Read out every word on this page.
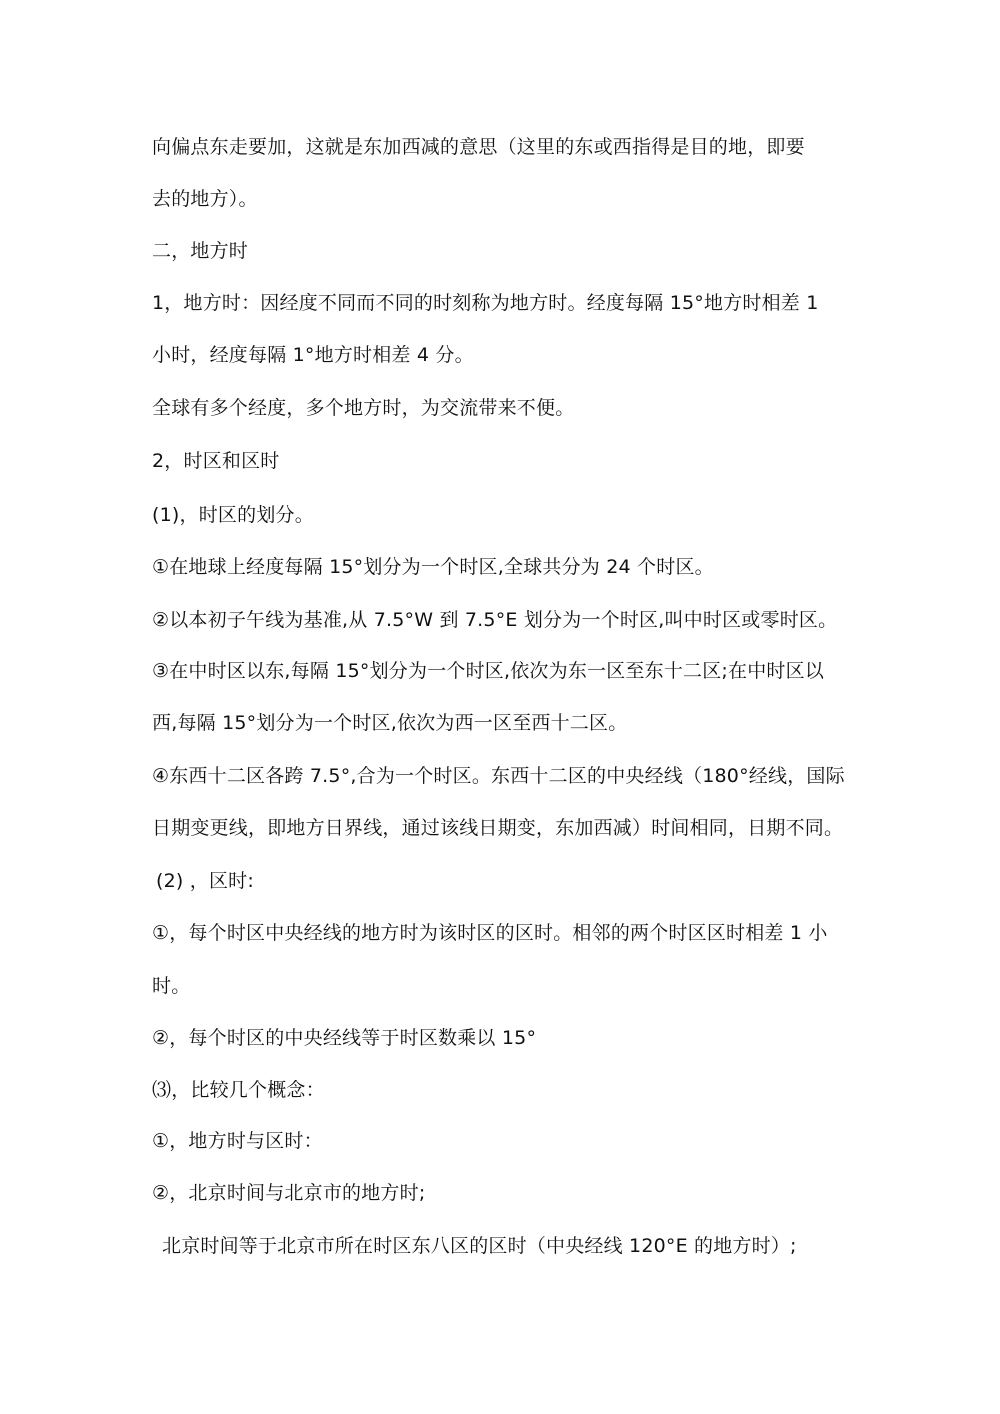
向偏点东走要加，这就是东加西减的意思（这里的东或西指得是目的地，即要
去的地方）。
二，地方时
1，地方时：因经度不同而不同的时刻称为地方时。经度每隔 15°地方时相差 1
小时，经度每隔 1°地方时相差 4 分。
全球有多个经度，多个地方时，为交流带来不便。
2，时区和区时
(1)，时区的划分。
①在地球上经度每隔 15°划分为一个时区,全球共分为 24 个时区。
②以本初子午线为基准,从 7.5°W 到 7.5°E 划分为一个时区,叫中时区或零时区。
③在中时区以东,每隔 15°划分为一个时区,依次为东一区至东十二区;在中时区以
西,每隔 15°划分为一个时区,依次为西一区至西十二区。
④东西十二区各跨 7.5°,合为一个时区。东西十二区的中央经线（180°经线，国际
日期变更线，即地方日界线，通过该线日期变，东加西减）时间相同，日期不同。
(2) ，区时:
①，每个时区中央经线的地方时为该时区的区时。相邻的两个时区区时相差 1 小
时。
②，每个时区的中央经线等于时区数乘以 15°
⑶，比较几个概念：
①，地方时与区时：
②，北京时间与北京市的地方时;
北京时间等于北京市所在时区东八区的区时（中央经线 120°E 的地方时）;
